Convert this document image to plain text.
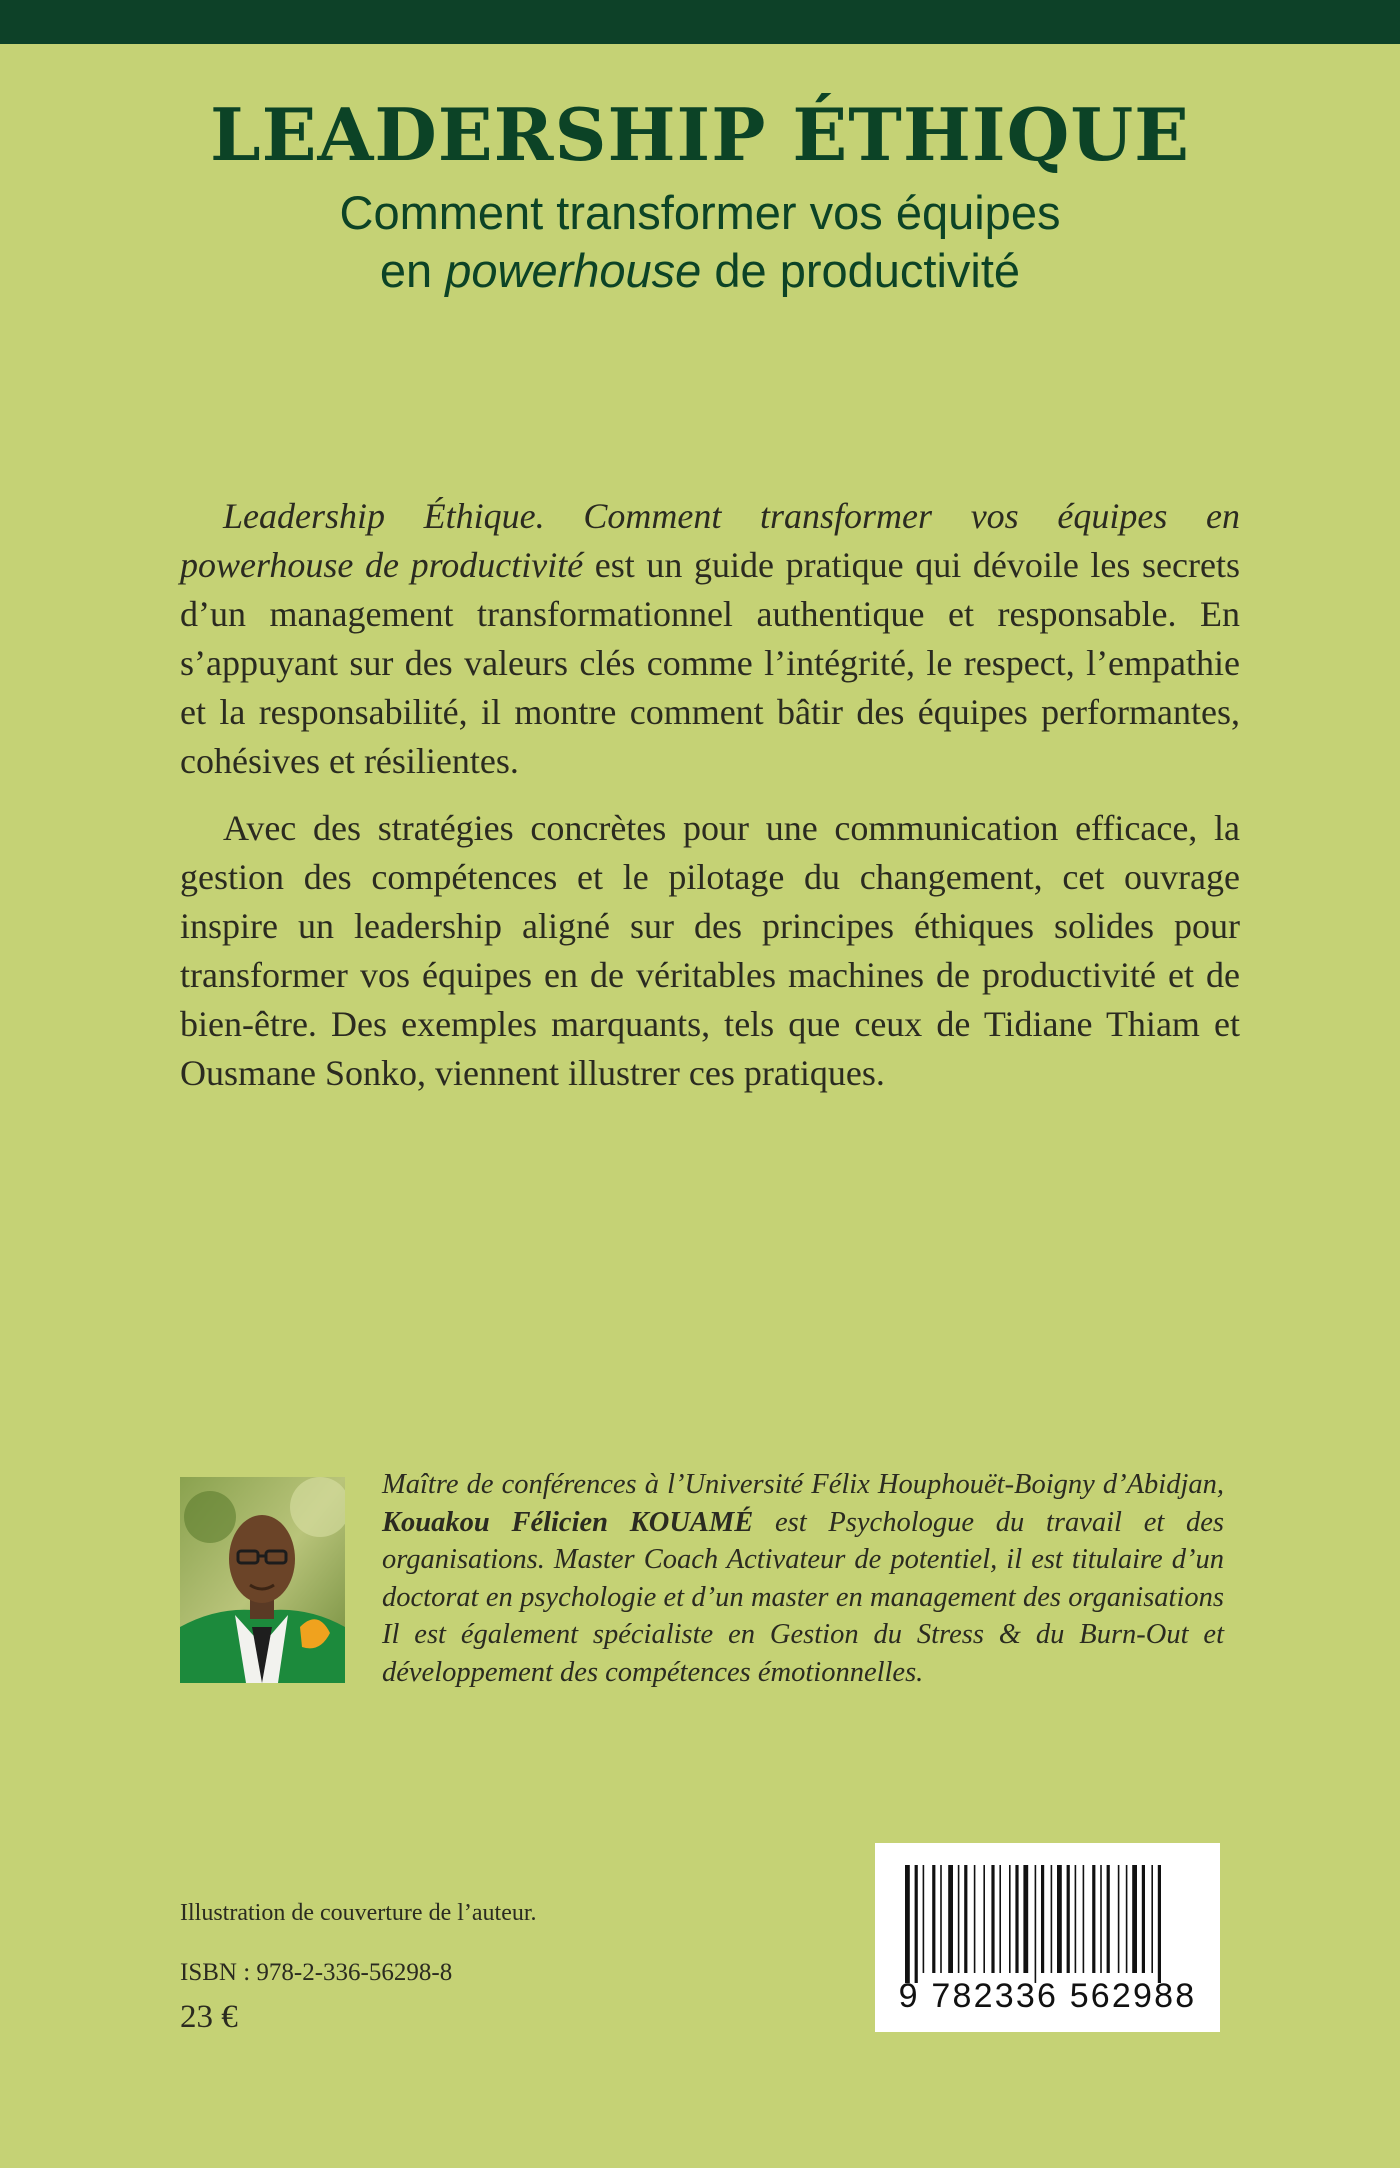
LEADERSHIP ÉTHIQUE
Comment transformer vos équipes
en powerhouse de productivité

Leadership Éthique. Comment transformer vos équipes en powerhouse de productivité est un guide pratique qui dévoile les secrets d’un management transformationnel authentique et responsable. En s’appuyant sur des valeurs clés comme l’intégrité, le respect, l’empathie et la responsabilité, il montre comment bâtir des équipes performantes, cohésives et résilientes.

Avec des stratégies concrètes pour une communication efficace, la gestion des compétences et le pilotage du changement, cet ouvrage inspire un leadership aligné sur des principes éthiques solides pour transformer vos équipes en de véritables machines de productivité et de bien-être. Des exemples marquants, tels que ceux de Tidiane Thiam et Ousmane Sonko, viennent illustrer ces pratiques.

Maître de conférences à l’Université Félix Houphouët-Boigny d’Abidjan, Kouakou Félicien KOUAMÉ est Psychologue du travail et des organisations. Master Coach Activateur de potentiel, il est titulaire d’un doctorat en psychologie et d’un master en management des organisations Il est également spécialiste en Gestion du Stress & du Burn-Out et développement des compétences émotionnelles.
Illustration de couverture de l’auteur.
ISBN : 978-2-336-56298-8
23 €
9 782336 562988
